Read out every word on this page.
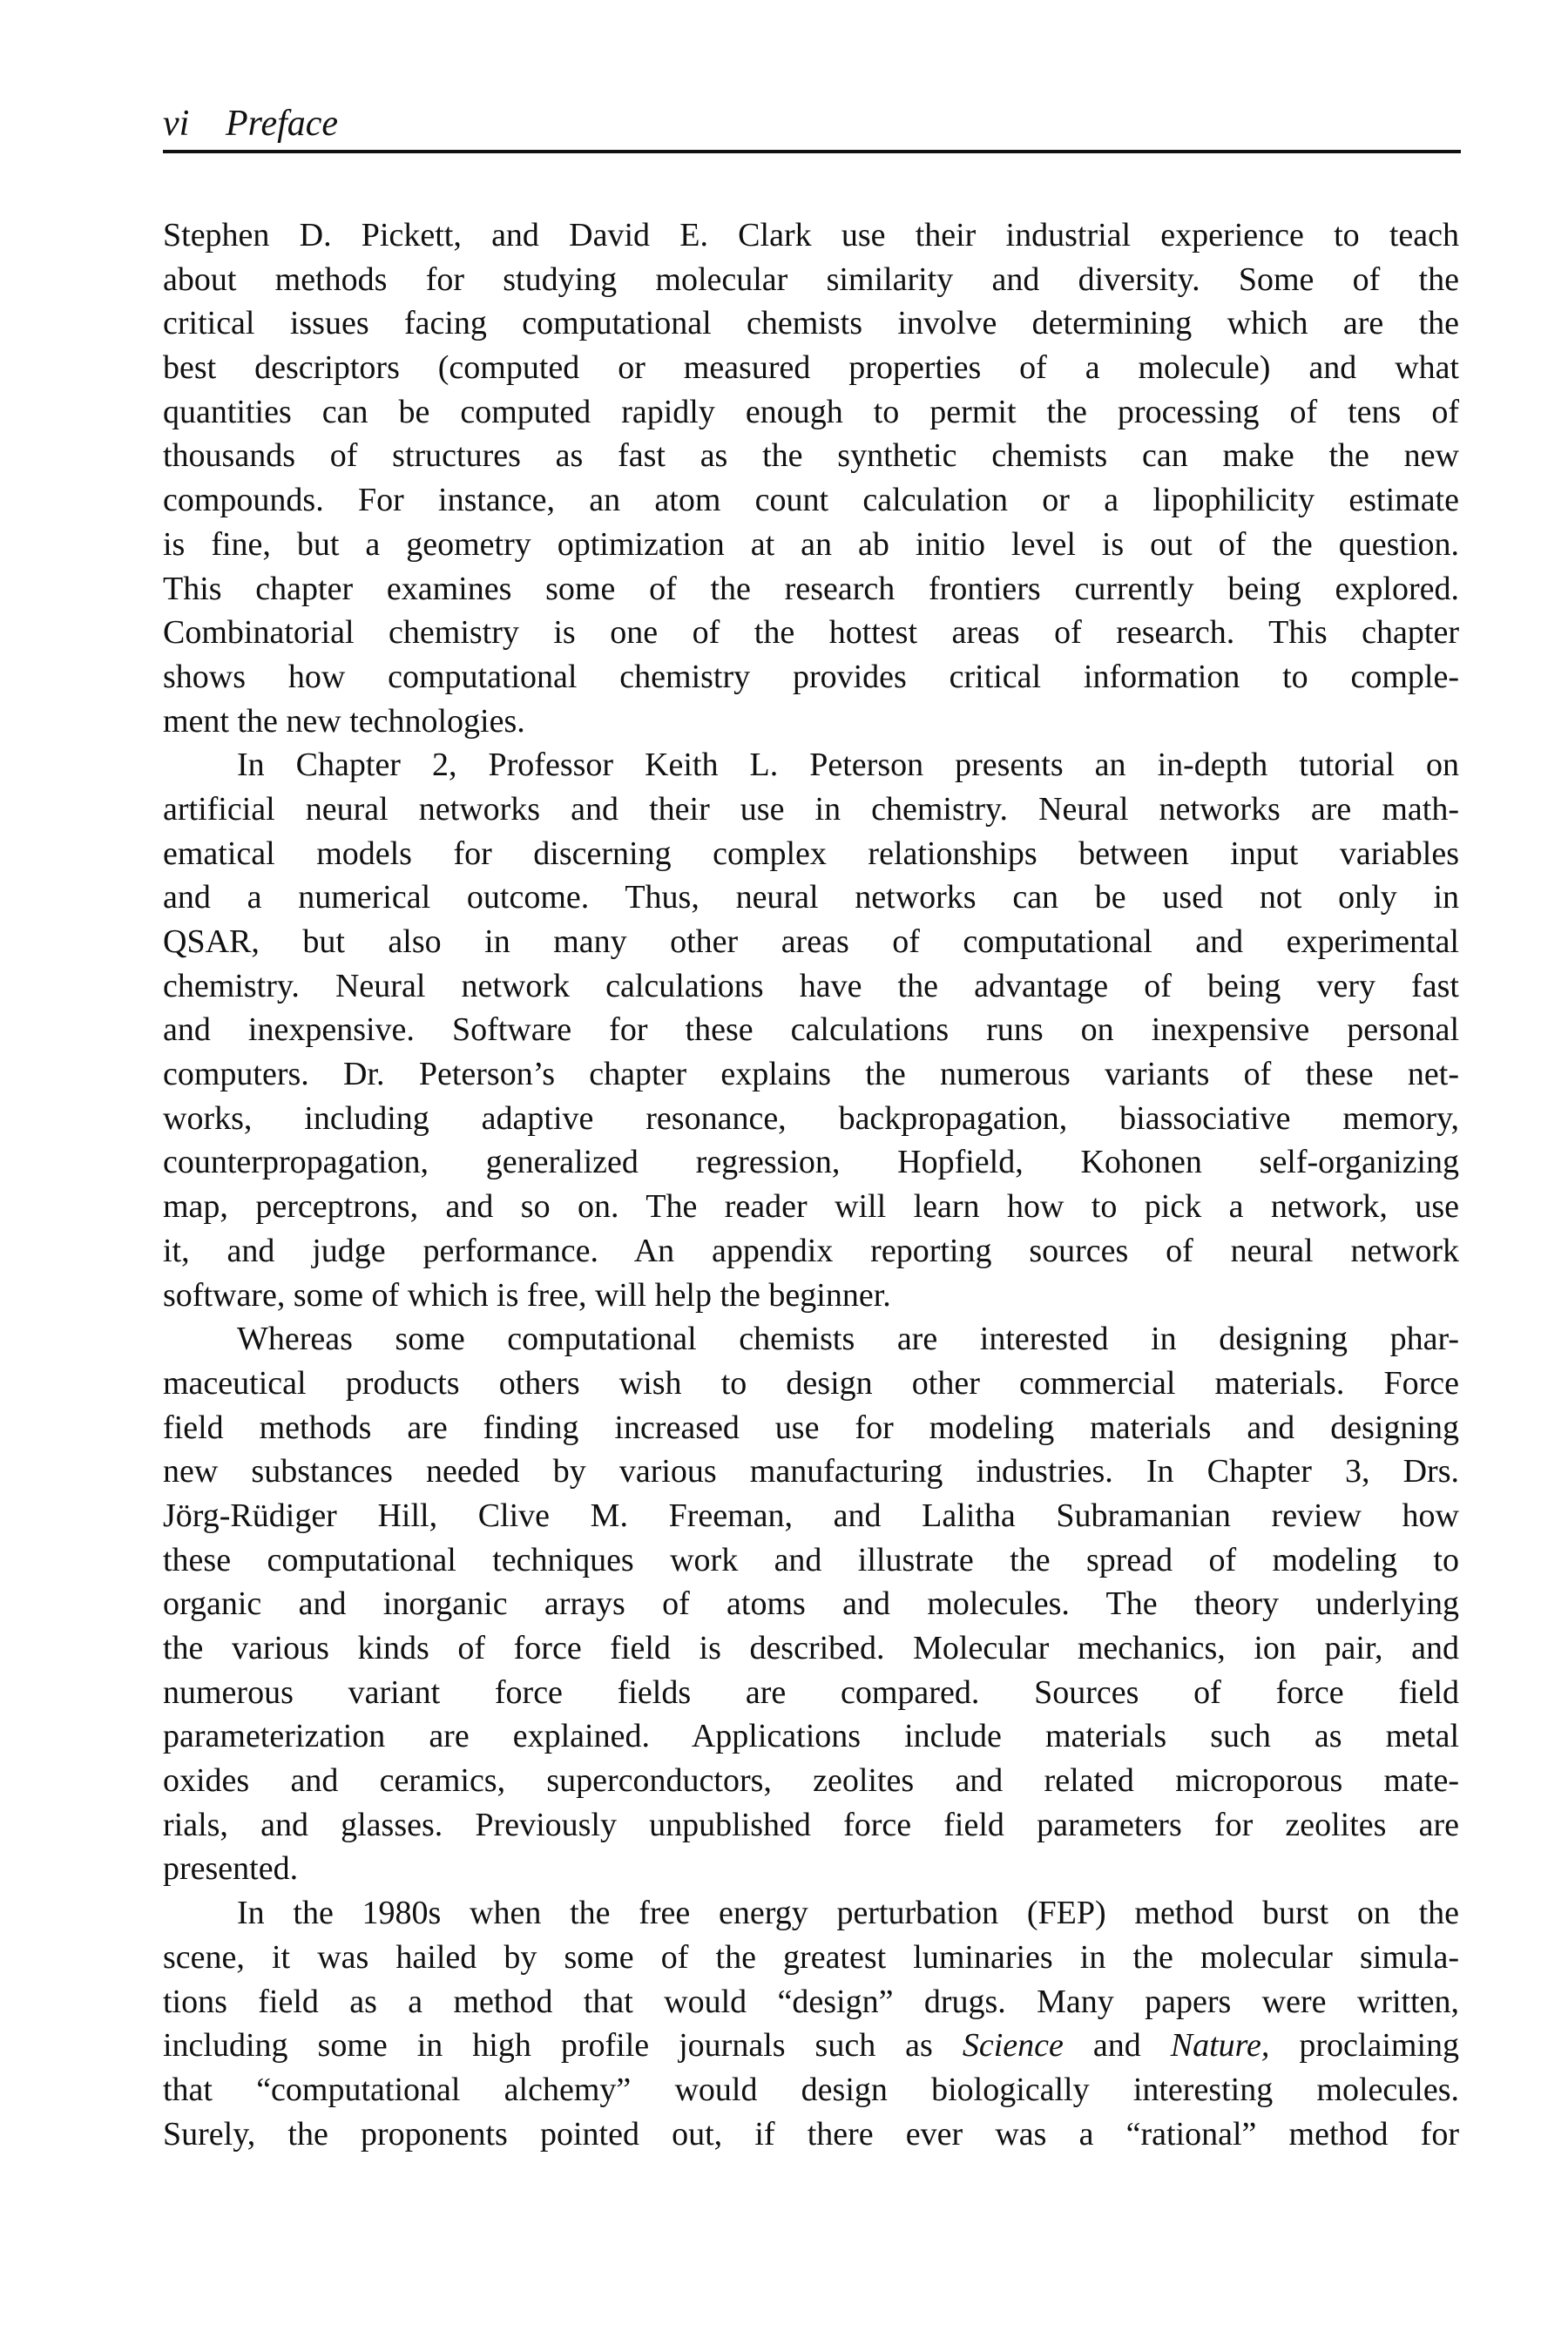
vi Preface
Stephen D. Pickett, and David E. Clark use their industrial experience to teach
about methods for studying molecular similarity and diversity. Some of the
critical issues facing computational chemists involve determining which are the
best descriptors (computed or measured properties of a molecule) and what
quantities can be computed rapidly enough to permit the processing of tens of
thousands of structures as fast as the synthetic chemists can make the new
compounds. For instance, an atom count calculation or a lipophilicity estimate
is fine, but a geometry optimization at an ab initio level is out of the question.
This chapter examines some of the research frontiers currently being explored.
Combinatorial chemistry is one of the hottest areas of research. This chapter
shows how computational chemistry provides critical information to comple-
ment the new technologies.
In Chapter 2, Professor Keith L. Peterson presents an in-depth tutorial on
artificial neural networks and their use in chemistry. Neural networks are math-
ematical models for discerning complex relationships between input variables
and a numerical outcome. Thus, neural networks can be used not only in
QSAR, but also in many other areas of computational and experimental
chemistry. Neural network calculations have the advantage of being very fast
and inexpensive. Software for these calculations runs on inexpensive personal
computers. Dr. Peterson’s chapter explains the numerous variants of these net-
works, including adaptive resonance, backpropagation, biassociative memory,
counterpropagation, generalized regression, Hopfield, Kohonen self-organizing
map, perceptrons, and so on. The reader will learn how to pick a network, use
it, and judge performance. An appendix reporting sources of neural network
software, some of which is free, will help the beginner.
Whereas some computational chemists are interested in designing phar-
maceutical products others wish to design other commercial materials. Force
field methods are finding increased use for modeling materials and designing
new substances needed by various manufacturing industries. In Chapter 3, Drs.
Jörg-Rüdiger Hill, Clive M. Freeman, and Lalitha Subramanian review how
these computational techniques work and illustrate the spread of modeling to
organic and inorganic arrays of atoms and molecules. The theory underlying
the various kinds of force field is described. Molecular mechanics, ion pair, and
numerous variant force fields are compared. Sources of force field
parameterization are explained. Applications include materials such as metal
oxides and ceramics, superconductors, zeolites and related microporous mate-
rials, and glasses. Previously unpublished force field parameters for zeolites are
presented.
In the 1980s when the free energy perturbation (FEP) method burst on the
scene, it was hailed by some of the greatest luminaries in the molecular simula-
tions field as a method that would “design” drugs. Many papers were written,
including some in high profile journals such as Science and Nature, proclaiming
that “computational alchemy” would design biologically interesting molecules.
Surely, the proponents pointed out, if there ever was a “rational” method for
